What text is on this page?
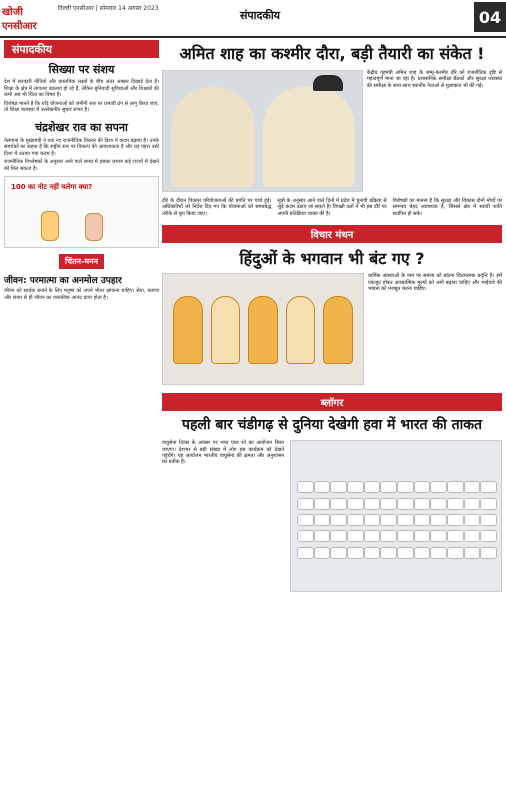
खोजी एनसीआर
दिल्ली एनसीआर | सोमवार 14 अगस्त 2023
संपादकीय	04
संपादकीय
सिख्या पर संशय

देश में सरकारी नीतियों और वास्तविक लक्ष्यों के बीच अंतर अक्सर दिखाई देता है। शिक्षा के क्षेत्र में लगातार बदलाव हो रहे हैं, लेकिन बुनियादी सुविधाओं और शिक्षकों की कमी अब भी चिंता का विषय है।

विशेषज्ञ मानते हैं कि यदि योजनाओं को जमीनी स्तर पर प्रभावी ढंग से लागू किया जाए, तो शिक्षा व्यवस्था में उल्लेखनीय सुधार संभव है।

चंद्रशेखर राव का सपना

तेलंगाना के मुख्यमंत्री ने एक नए राजनीतिक विस्तार की दिशा में कदम बढ़ाया है। उनके समर्थकों का कहना है कि राष्ट्रीय स्तर पर विकल्प की आवश्यकता है और यह पहल उसी दिशा में उठाया गया कदम है।

राजनीतिक विश्लेषकों के अनुसार आने वाले समय में इसका प्रभाव कई राज्यों में देखने को मिल सकता है।

100 का नोट नहीं चलेगा क्या?
चिंतन-मनन
जीवन: परमात्मा का अनमोल उपहार
जीवन को सार्थक बनाने के लिए मनुष्य को अपने भीतर झांकना चाहिए। सेवा, करुणा और संयम से ही जीवन का वास्तविक आनंद प्राप्त होता है।
अमित शाह का कश्मीर दौरा, बड़ी तैयारी का संकेत !
केंद्रीय गृहमंत्री अमित शाह के जम्मू-कश्मीर दौरे को राजनीतिक दृष्टि से महत्वपूर्ण माना जा रहा है। प्रशासनिक समीक्षा बैठकों और सुरक्षा व्यवस्था की समीक्षा के साथ-साथ स्थानीय नेताओं से मुलाकात भी की गई।
दौरे के दौरान विकास परियोजनाओं की प्रगति पर चर्चा हुई। अधिकारियों को निर्देश दिए गए कि योजनाओं को समयबद्ध तरीके से पूरा किया जाए।
सूत्रों के अनुसार आने वाले दिनों में प्रदेश में चुनावी प्रक्रिया से जुड़े कदम उठाए जा सकते हैं। विपक्षी दलों ने भी इस दौरे पर अपनी प्रतिक्रिया व्यक्त की है।
विशेषज्ञों का मानना है कि सुरक्षा और विकास दोनों मोर्चों पर समन्वय बेहद आवश्यक है, जिससे क्षेत्र में स्थायी शांति स्थापित हो सके।
विचार मंथन
हिंदुओं के भगवान भी बंट गए ?
धार्मिक आस्थाओं के नाम पर समाज को बांटना चिंताजनक प्रवृत्ति है। हमें एकजुट होकर आध्यात्मिक मूल्यों को आगे बढ़ाना चाहिए और भाईचारे की भावना को मजबूत करना चाहिए।
ब्लॉगर
पहली बार चंडीगढ़ से दुनिया देखेगी हवा में भारत की ताकत
वायुसेना दिवस के अवसर पर भव्य एयर शो का आयोजन किया जाएगा। देशभर से बड़ी संख्या में लोग इस कार्यक्रम को देखने पहुंचेंगे। यह आयोजन भारतीय वायुसेना की क्षमता और अनुशासन का प्रतीक है।
